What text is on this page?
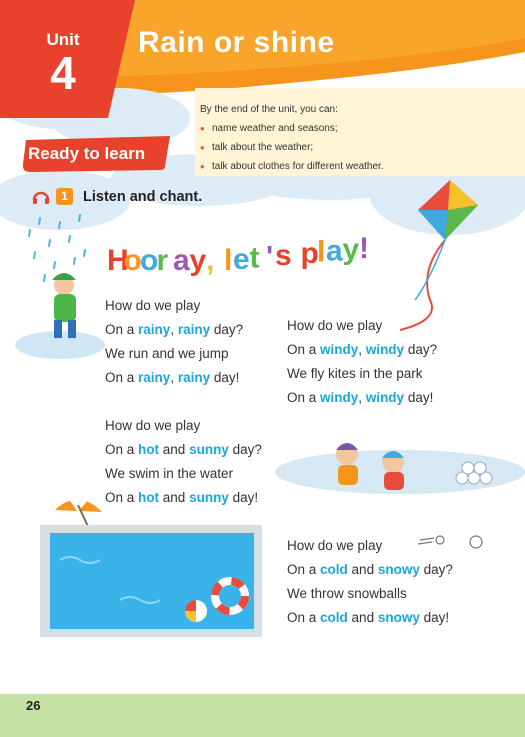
Unit
4
Rain or shine
By the end of the unit, you can:
• name weather and seasons;
• talk about the weather;
• talk about clothes for different weather.
Ready to learn
1	Listen and chant.
H
o
o
r a y , l e t ' s p
l a y !
How do we play
On a rainy, rainy day?
We run and we jump
On a rainy, rainy day!
How do we play
On a windy, windy day?
We fly kites in the park
On a windy, windy day!
How do we play
On a hot and sunny day?
We swim in the water
On a hot and sunny day!
How do we play
On a cold and snowy day?
We throw snowballs
On a cold and snowy day!
26
